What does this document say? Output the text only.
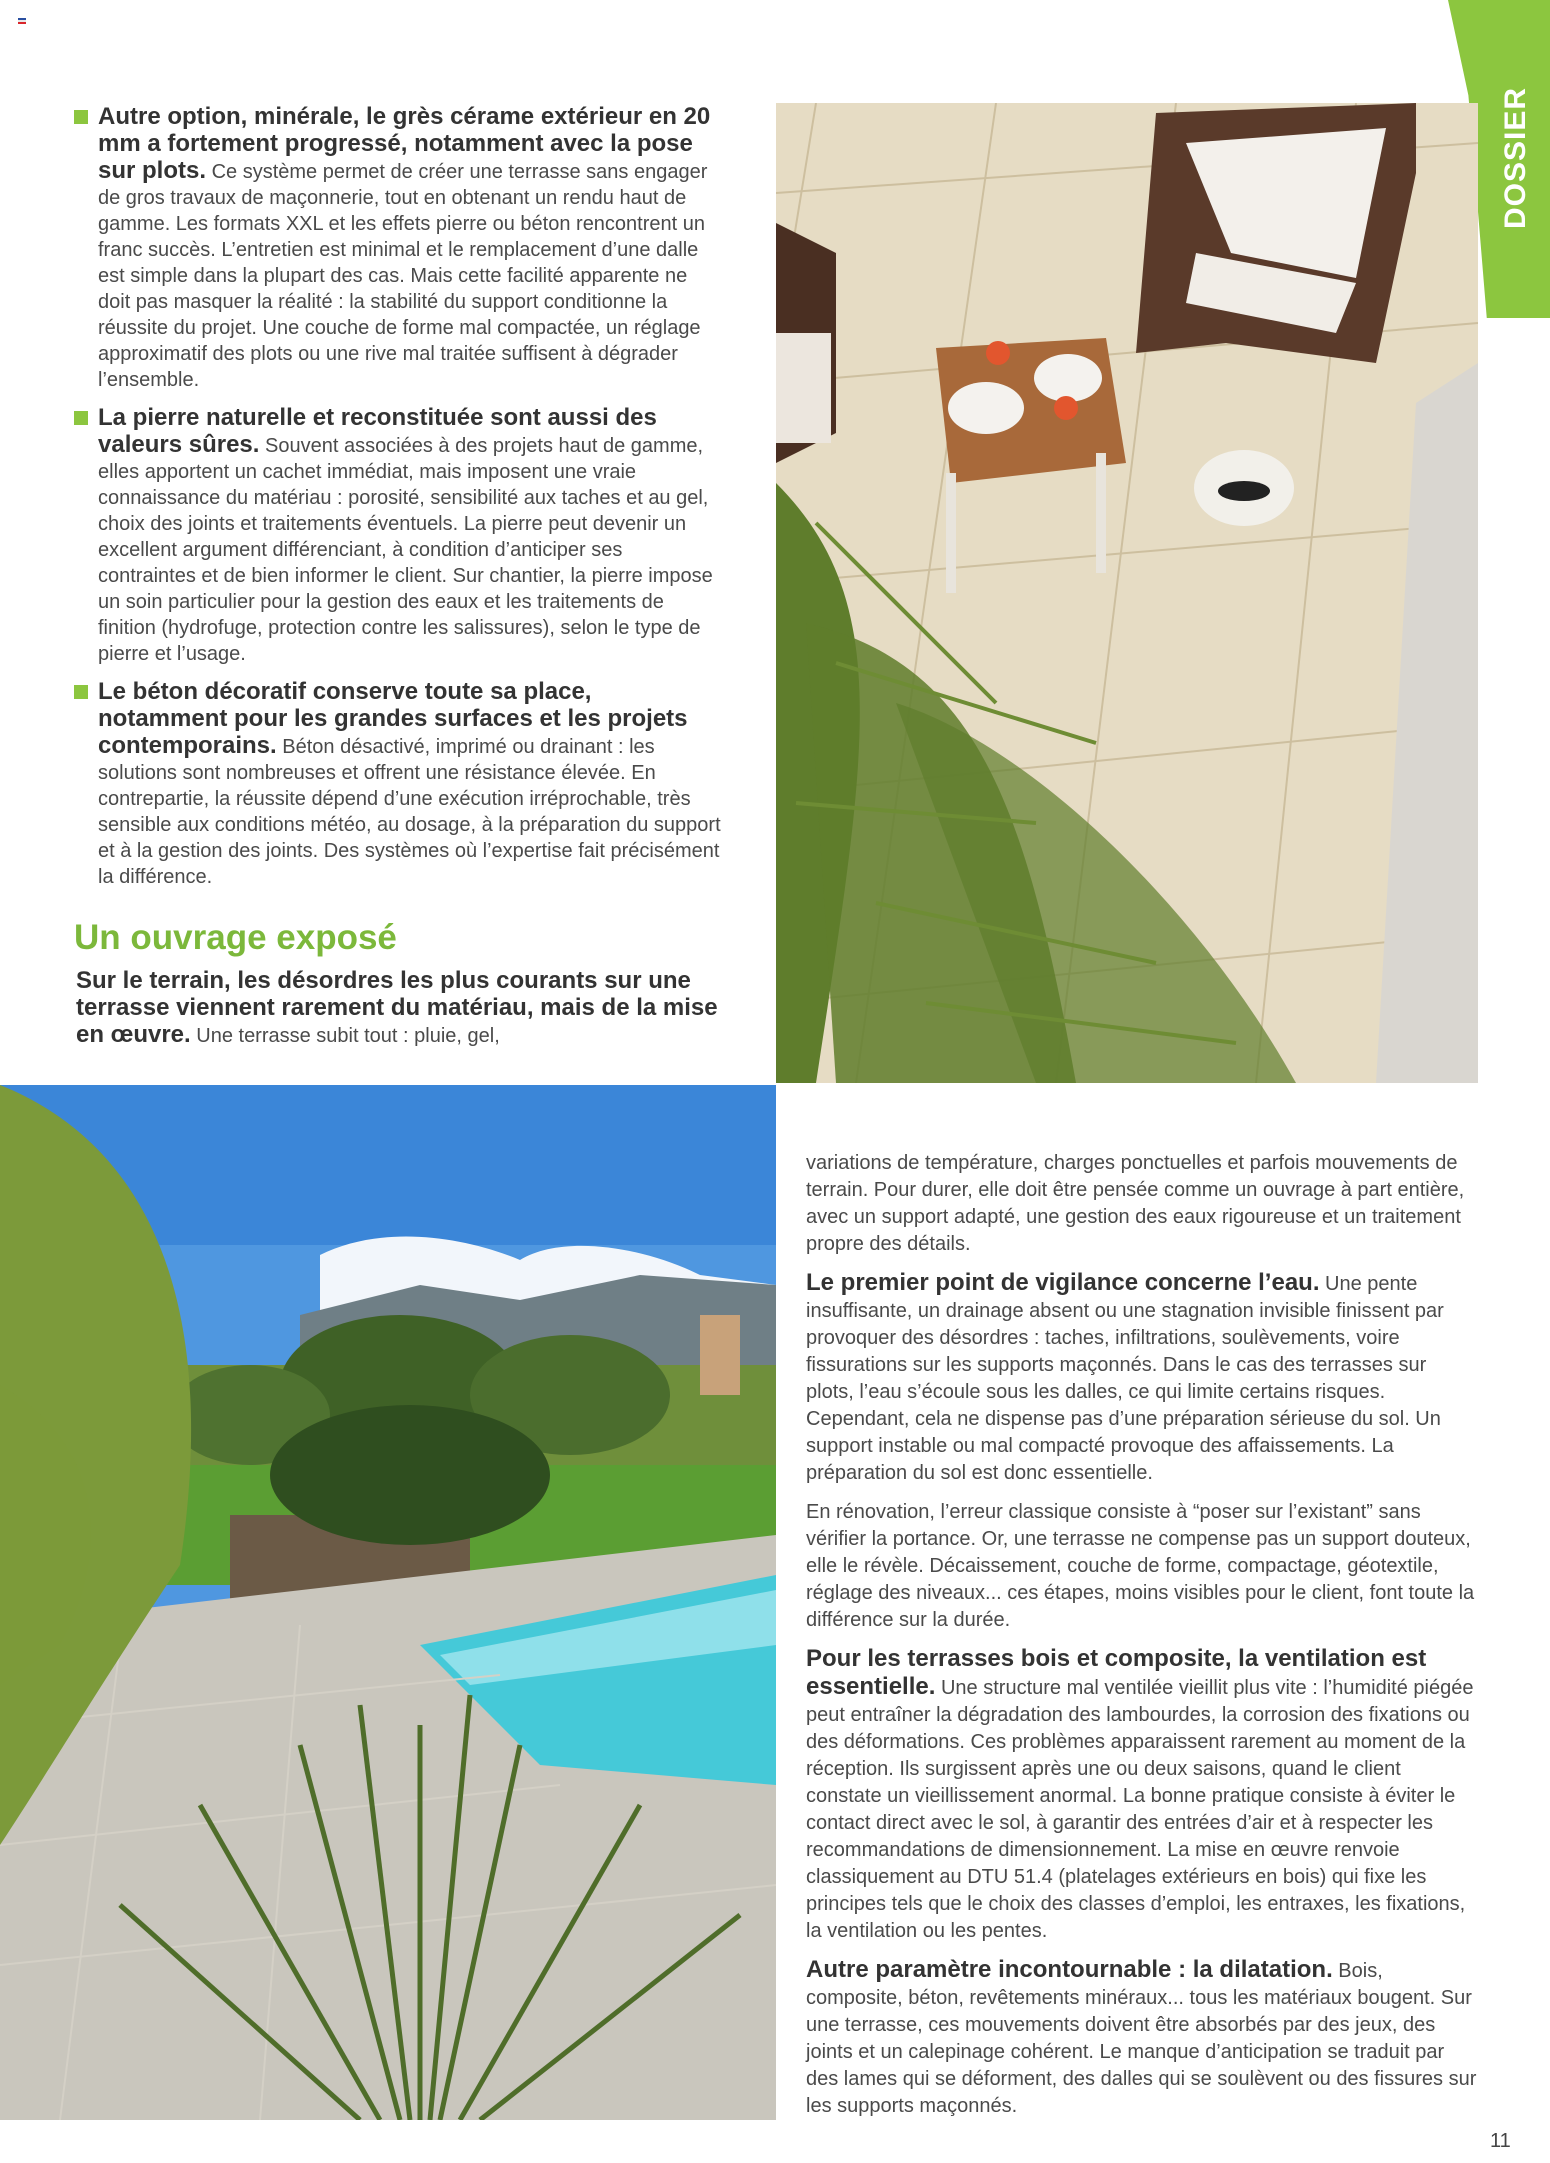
DOSSIER
Autre option, minérale, le grès cérame extérieur en 20 mm a fortement progressé, notamment avec la pose sur plots. Ce système permet de créer une terrasse sans engager de gros travaux de maçonnerie, tout en obtenant un rendu haut de gamme. Les formats XXL et les effets pierre ou béton rencontrent un franc succès. L’entretien est minimal et le remplacement d’une dalle est simple dans la plupart des cas. Mais cette facilité apparente ne doit pas masquer la réalité : la stabilité du support conditionne la réussite du projet. Une couche de forme mal compactée, un réglage approximatif des plots ou une rive mal traitée suffisent à dégrader l’ensemble.
La pierre naturelle et reconstituée sont aussi des valeurs sûres. Souvent associées à des projets haut de gamme, elles apportent un cachet immédiat, mais imposent une vraie connaissance du matériau : porosité, sensibilité aux taches et au gel, choix des joints et traitements éventuels. La pierre peut devenir un excellent argument différenciant, à condition d’anticiper ses contraintes et de bien informer le client. Sur chantier, la pierre impose un soin particulier pour la gestion des eaux et les traitements de finition (hydrofuge, protection contre les salissures), selon le type de pierre et l’usage.
Le béton décoratif conserve toute sa place, notamment pour les grandes surfaces et les projets contemporains. Béton désactivé, imprimé ou drainant : les solutions sont nombreuses et offrent une résistance élevée. En contrepartie, la réussite dépend d’une exécution irréprochable, très sensible aux conditions météo, au dosage, à la préparation du support et à la gestion des joints. Des systèmes où l’expertise fait précisément la différence.
Un ouvrage exposé
Sur le terrain, les désordres les plus courants sur une terrasse viennent rarement du matériau, mais de la mise en œuvre. Une terrasse subit tout : pluie, gel,

variations de température, charges ponctuelles et parfois mouvements de terrain. Pour durer, elle doit être pensée comme un ouvrage à part entière, avec un support adapté, une gestion des eaux rigoureuse et un traitement propre des détails.

Le premier point de vigilance concerne l’eau. Une pente insuffisante, un drainage absent ou une stagnation invisible finissent par provoquer des désordres : taches, infiltrations, soulèvements, voire fissurations sur les supports maçonnés. Dans le cas des terrasses sur plots, l’eau s’écoule sous les dalles, ce qui limite certains risques. Cependant, cela ne dispense pas d’une préparation sérieuse du sol. Un support instable ou mal compacté provoque des affaissements. La préparation du sol est donc essentielle.

En rénovation, l’erreur classique consiste à “poser sur l’existant” sans vérifier la portance. Or, une terrasse ne compense pas un support douteux, elle le révèle. Décaissement, couche de forme, compactage, géotextile, réglage des niveaux... ces étapes, moins visibles pour le client, font toute la différence sur la durée.

Pour les terrasses bois et composite, la ventilation est essentielle. Une structure mal ventilée vieillit plus vite : l’humidité piégée peut entraîner la dégradation des lambourdes, la corrosion des fixations ou des déformations. Ces problèmes apparaissent rarement au moment de la réception. Ils surgissent après une ou deux saisons, quand le client constate un vieillissement anormal. La bonne pratique consiste à éviter le contact direct avec le sol, à garantir des entrées d’air et à respecter les recommandations de dimensionnement. La mise en œuvre renvoie classiquement au DTU 51.4 (platelages extérieurs en bois) qui fixe les principes tels que le choix des classes d’emploi, les entraxes, les fixations, la ventilation ou les pentes.

Autre paramètre incontournable : la dilatation. Bois, composite, béton, revêtements minéraux... tous les matériaux bougent. Sur une terrasse, ces mouvements doivent être absorbés par des jeux, des joints et un calepinage cohérent. Le manque d’anticipation se traduit par des lames qui se déforment, des dalles qui se soulèvent ou des fissures sur les supports maçonnés.

11
